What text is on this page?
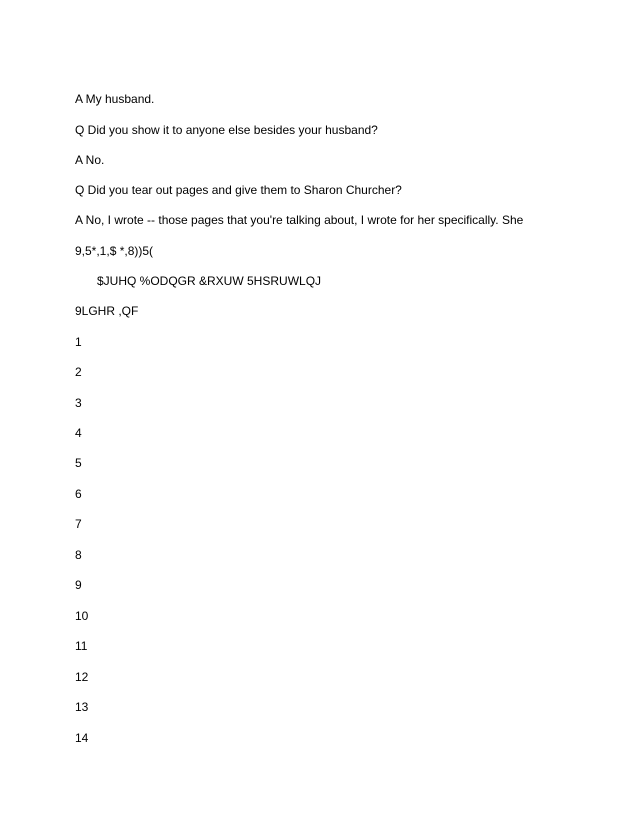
A My husband.
Q Did you show it to anyone else besides your husband?
A No.
Q Did you tear out pages and give them to Sharon Churcher?
A No, I wrote -- those pages that you're talking about, I wrote for her specifically. She
9,5*,1,$ *,8))5(
$JUHQ %ODQGR &RXUW 5HSRUWLQJ
9LGHR ,QF
1
2
3
4
5
6
7
8
9
10
11
12
13
14
